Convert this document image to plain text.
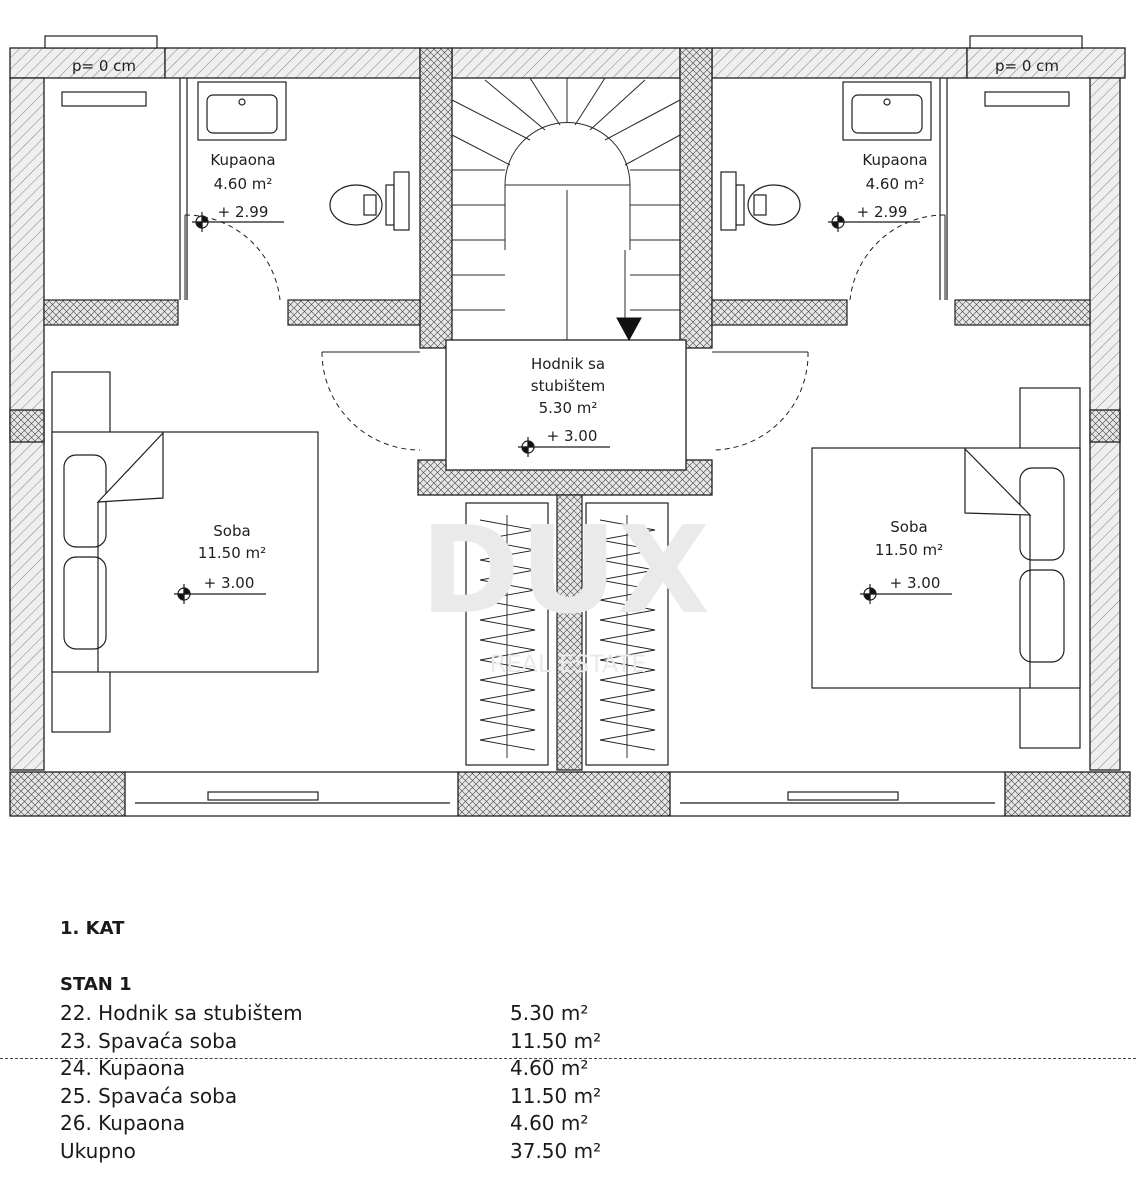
DUX
REAL ESTATE
p= 0 cm	p= 0 cm
Kupaona
4.60 m²
+ 2.99
Kupaona
4.60 m²
+ 2.99
Hodnik sa
stubištem
5.30 m²
+ 3.00
Soba
11.50 m²
+ 3.00
Soba
11.50 m²
+ 3.00
1. KAT
STAN 1
22. Hodnik sa stubištem	5.30 m²
23. Spavaća soba	11.50 m²
24. Kupaona	4.60 m²
25. Spavaća soba	11.50 m²
26. Kupaona	4.60 m²
Ukupno	37.50 m²
